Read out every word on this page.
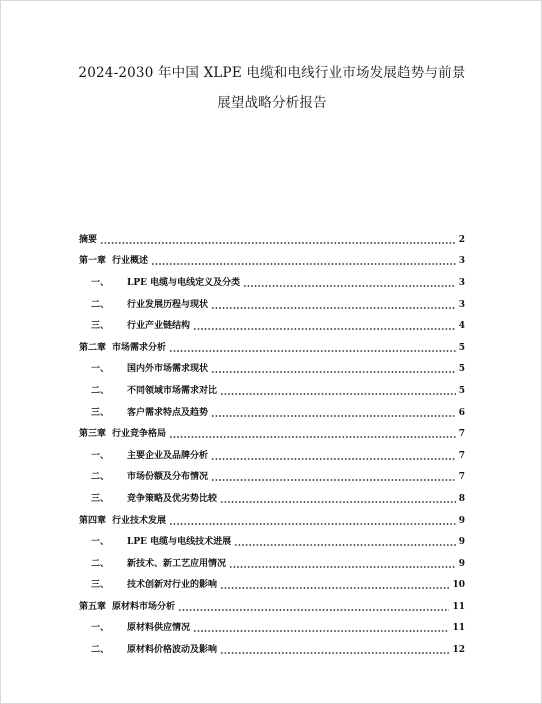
2024-2030 年中国 XLPE 电缆和电线行业市场发展趋势与前景
展望战略分析报告
摘要	2
第一章 行业概述	3
一、	LPE 电缆与电线定义及分类	3
二、	行业发展历程与现状	3
三、	行业产业链结构	4
第二章 市场需求分析	5
一、	国内外市场需求现状	5
二、	不同领域市场需求对比	5
三、	客户需求特点及趋势	6
第三章 行业竞争格局	7
一、	主要企业及品牌分析	7
二、	市场份额及分布情况	7
三、	竞争策略及优劣势比较	8
第四章 行业技术发展	9
一、	LPE 电缆与电线技术进展	9
二、	新技术、新工艺应用情况	9
三、	技术创新对行业的影响	10
第五章 原材料市场分析	11
一、	原材料供应情况	11
二、	原材料价格波动及影响	12
